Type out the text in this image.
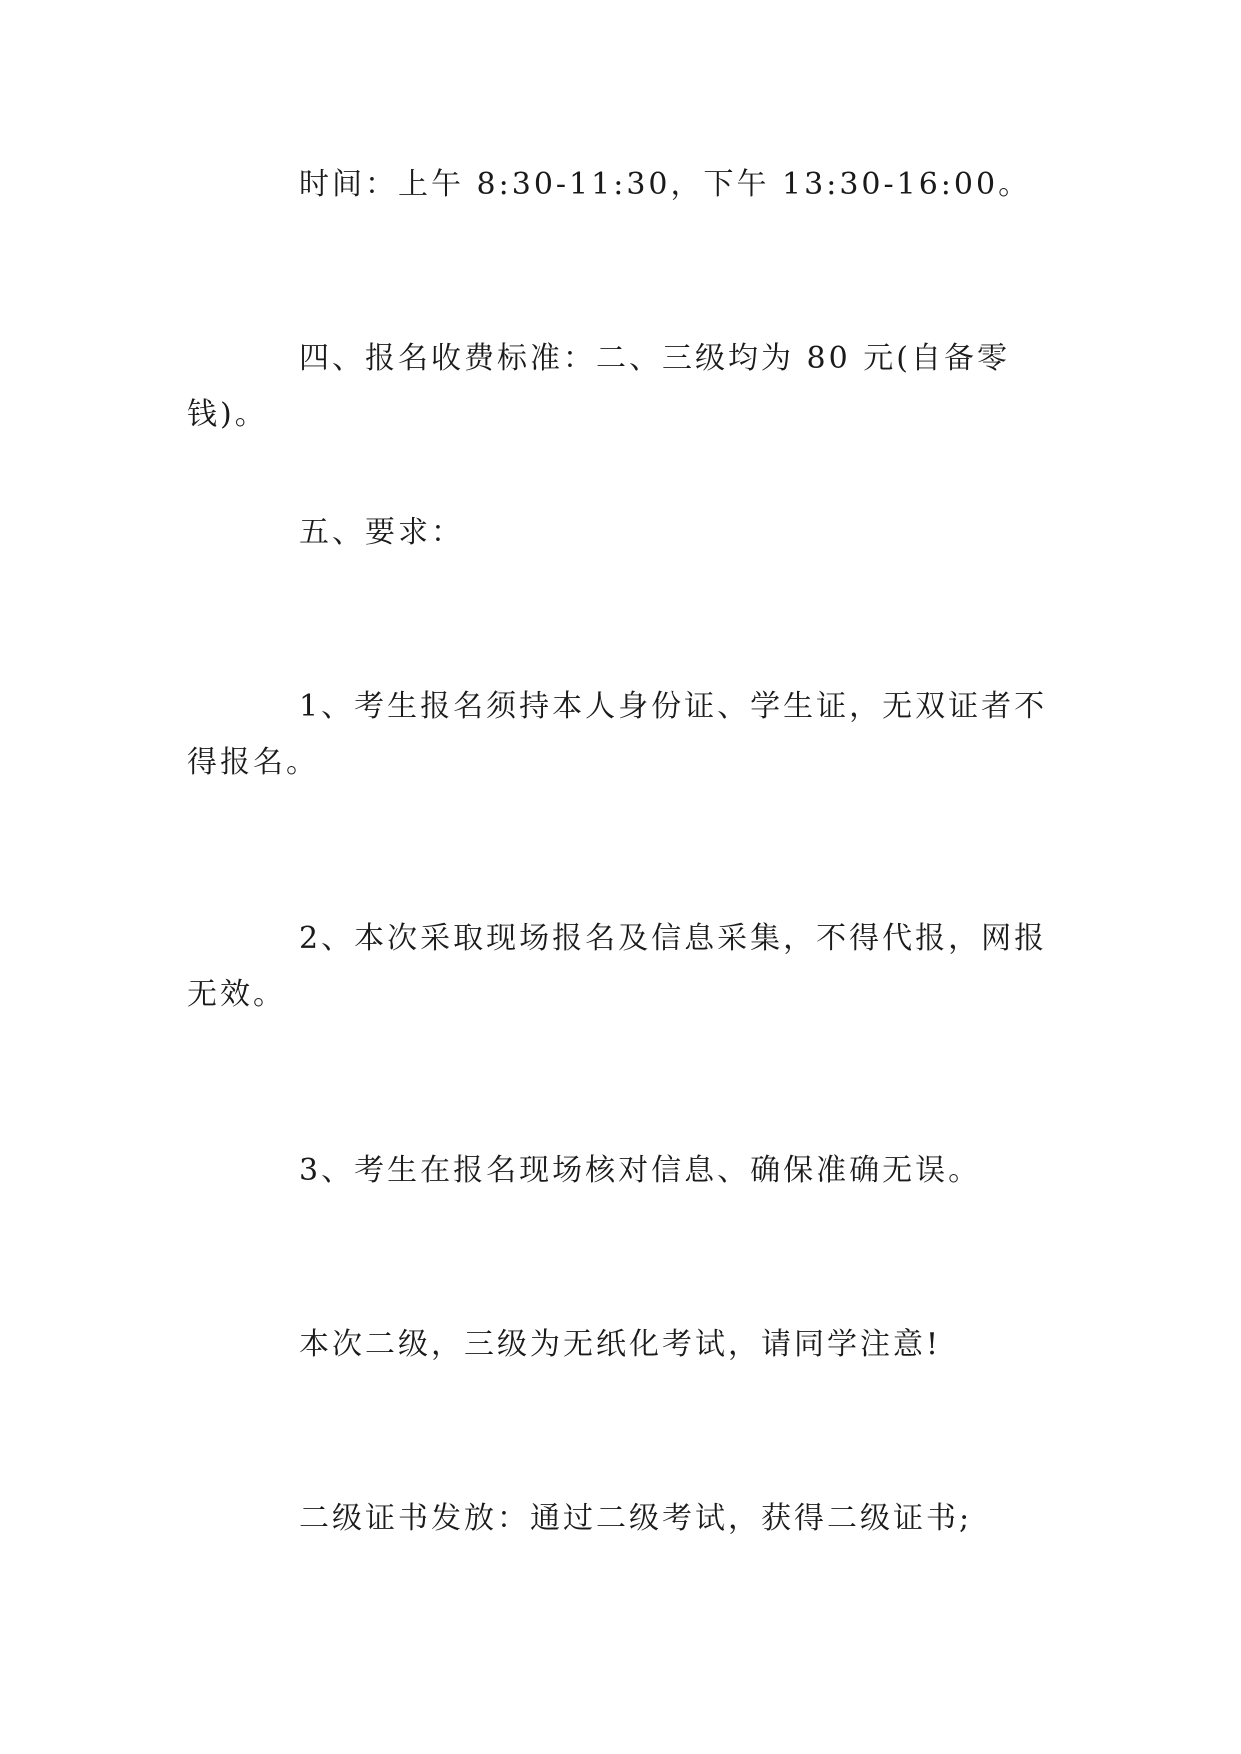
时间：上午 8:30-11:30，下午 13:30-16:00。

四、报名收费标准：二、三级均为 80 元(自备零钱)。

五、要求：

1、考生报名须持本人身份证、学生证，无双证者不得报名。

2、本次采取现场报名及信息采集，不得代报，网报无效。

3、考生在报名现场核对信息、确保准确无误。

本次二级，三级为无纸化考试，请同学注意!

二级证书发放：通过二级考试，获得二级证书;
